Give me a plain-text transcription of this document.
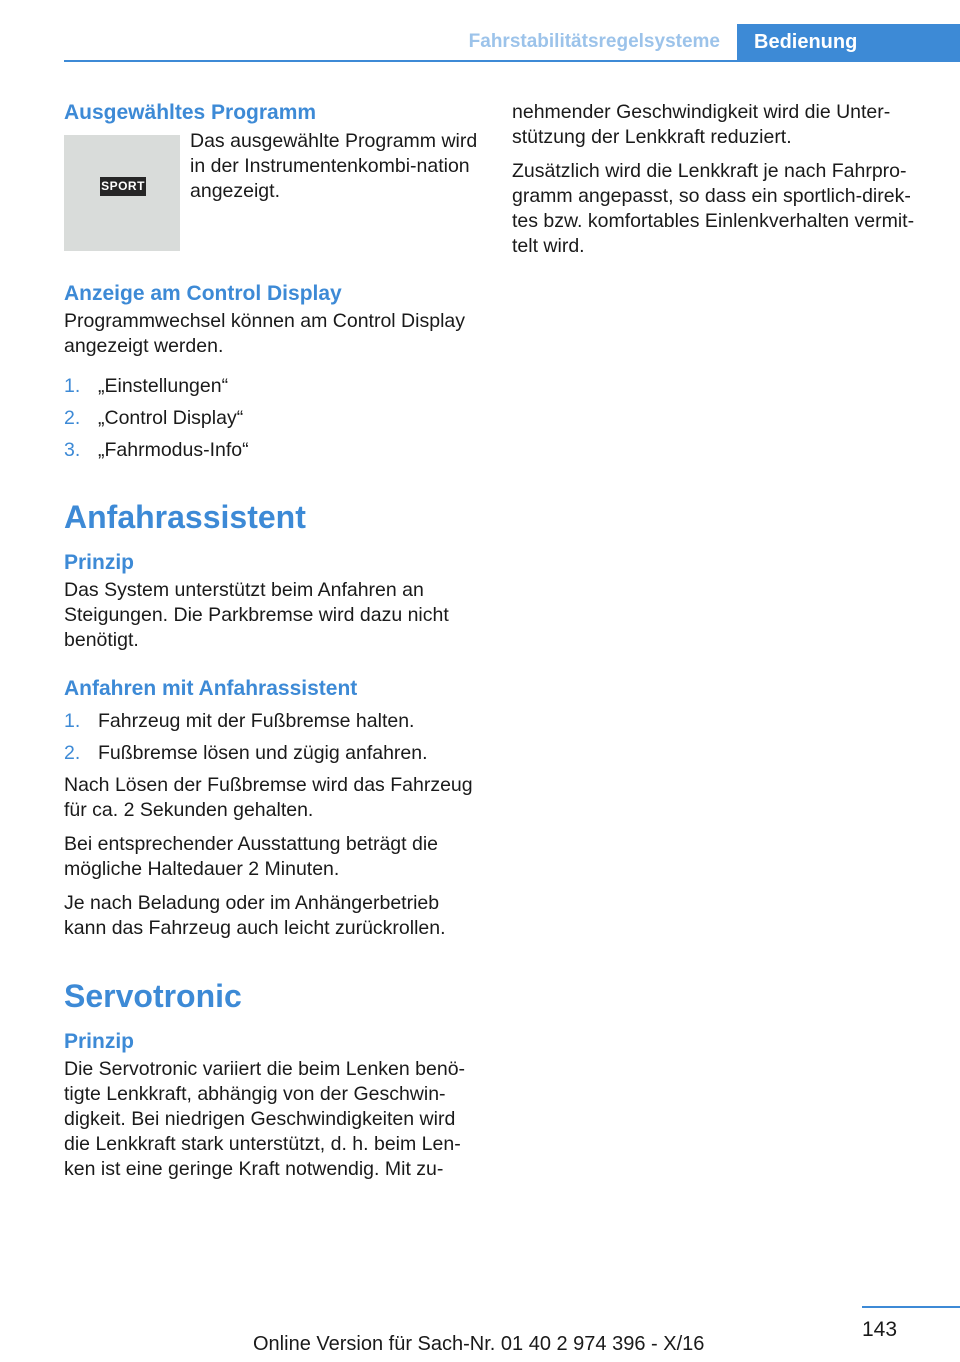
Fahrstabilitätsregelsysteme	Bedienung
Ausgewähltes Programm
SPORT

Das ausgewählte Programm wird in der Instrumentenkombi‐nation angezeigt.

Anzeige am Control Display

Programmwechsel können am Control Display angezeigt werden.

1. „Einstellungen“
2. „Control Display“
3. „Fahrmodus-Info“
Anfahrassistent
Prinzip

Das System unterstützt beim Anfahren an Steigungen. Die Parkbremse wird dazu nicht benötigt.

Anfahren mit Anfahrassistent
1. Fahrzeug mit der Fußbremse halten.
2. Fußbremse lösen und zügig anfahren.

Nach Lösen der Fußbremse wird das Fahrzeug für ca. 2 Sekunden gehalten.

Bei entsprechender Ausstattung beträgt die mögliche Haltedauer 2 Minuten.

Je nach Beladung oder im Anhängerbetrieb kann das Fahrzeug auch leicht zurückrollen.

Servotronic
Prinzip

Die Servotronic variiert die beim Lenken benö‐tigte Lenkkraft, abhängig von der Geschwin‐digkeit. Bei niedrigen Geschwindigkeiten wird die Lenkkraft stark unterstützt, d. h. beim Len‐ken ist eine geringe Kraft notwendig. Mit zu‐

nehmender Geschwindigkeit wird die Unter‐stützung der Lenkkraft reduziert.

Zusätzlich wird die Lenkkraft je nach Fahrpro‐gramm angepasst, so dass ein sportlich-direk‐tes bzw. komfortables Einlenkverhalten vermit‐telt wird.

143
Online Version für Sach-Nr. 01 40 2 974 396 - X/16
